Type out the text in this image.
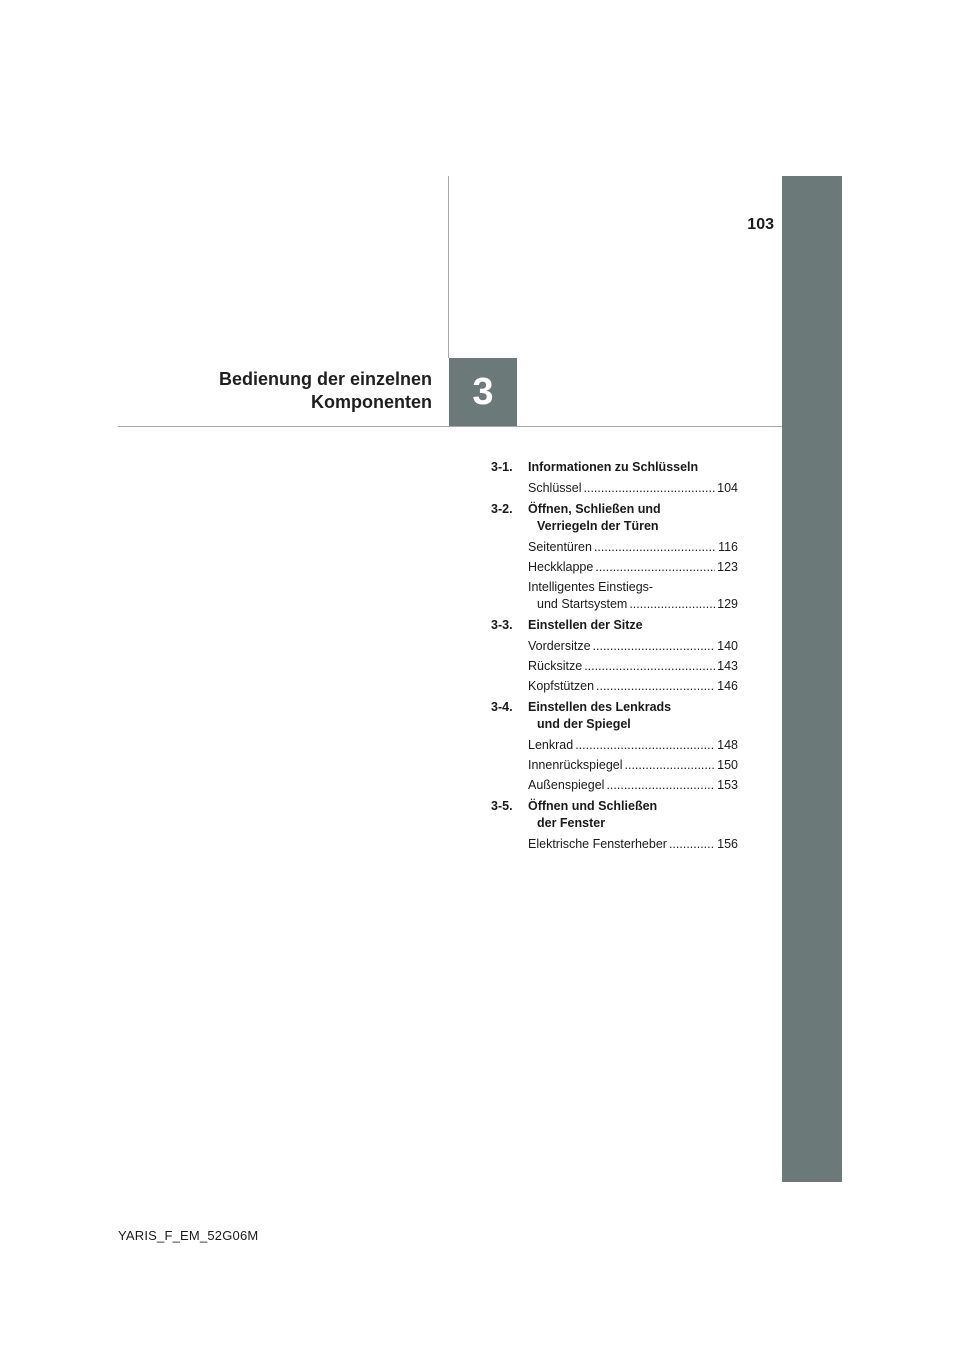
103
Bedienung der einzelnen
Komponenten 3
3-1. Informationen zu Schlüsseln
Schlüssel .....	104
3-2. Öffnen, Schließen und
Verriegeln der Türen
Seitentüren .....	116
Heckklappe .....	123
Intelligentes Einstiegs-
und Startsystem .....	129
3-3. Einstellen der Sitze
Vordersitze .....	140
Rücksitze .....	143
Kopfstützen .....	146
3-4. Einstellen des Lenkrads
und der Spiegel
Lenkrad .....	148
Innenrückspiegel .....	150
Außenspiegel .....	153
3-5. Öffnen und Schließen
der Fenster
Elektrische Fensterheber .....	156
YARIS_F_EM_52G06M
